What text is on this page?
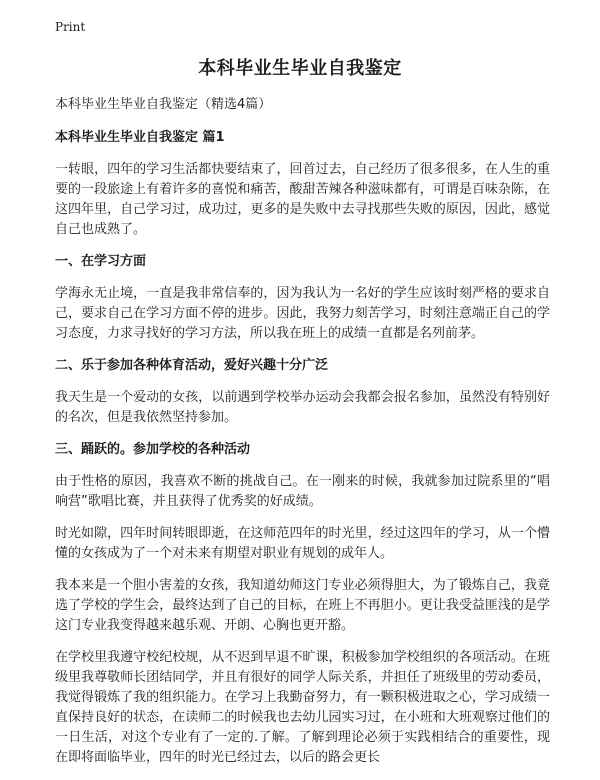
Print
本科毕业生毕业自我鉴定

本科毕业生毕业自我鉴定（精选4篇）

本科毕业生毕业自我鉴定 篇1

一转眼，四年的学习生活都快要结束了，回首过去，自己经历了很多很多，在人生的重要的一段旅途上有着许多的喜悦和痛苦，酸甜苦辣各种滋味都有，可谓是百味杂陈，在这四年里，自己学习过，成功过，更多的是失败中去寻找那些失败的原因，因此，感觉自己也成熟了。

一、在学习方面

学海永无止境，一直是我非常信奉的，因为我认为一名好的学生应该时刻严格的要求自己，要求自己在学习方面不停的进步。因此，我努力刻苦学习，时刻注意端正自己的学习态度，力求寻找好的学习方法，所以我在班上的成绩一直都是名列前茅。

二、乐于参加各种体育活动，爱好兴趣十分广泛

我天生是一个爱动的女孩，以前遇到学校举办运动会我都会报名参加，虽然没有特别好的名次，但是我依然坚持参加。

三、踊跃的。参加学校的各种活动

由于性格的原因，我喜欢不断的挑战自己。在一刚来的时候，我就参加过院系里的“唱响营”歌唱比赛，并且获得了优秀奖的好成绩。

时光如隙，四年时间转眼即逝，在这师范四年的时光里，经过这四年的学习，从一个懵懂的女孩成为了一个对未来有期望对职业有规划的成年人。

我本来是一个胆小害羞的女孩，我知道幼师这门专业必须得胆大，为了锻炼自己，我竟选了学校的学生会，最终达到了自己的目标，在班上不再胆小。更让我受益匪浅的是学这门专业我变得越来越乐观、开朗、心胸也更开豁。

在学校里我遵守校纪校规，从不迟到早退不旷课，积极参加学校组织的各项活动。在班级里我尊敬师长团结同学，并且有很好的同学人际关系，并担任了班级里的劳动委员，我觉得锻炼了我的组织能力。在学习上我勤奋努力，有一颗积极进取之心，学习成绩一直保持良好的状态，在读师二的时候我也去幼儿园实习过，在小班和大班观察过他们的一日生活，对这个专业有了一定的.了解。了解到理论必须于实践相结合的重要性，现在即将面临毕业，四年的时光已经过去，以后的路会更长
